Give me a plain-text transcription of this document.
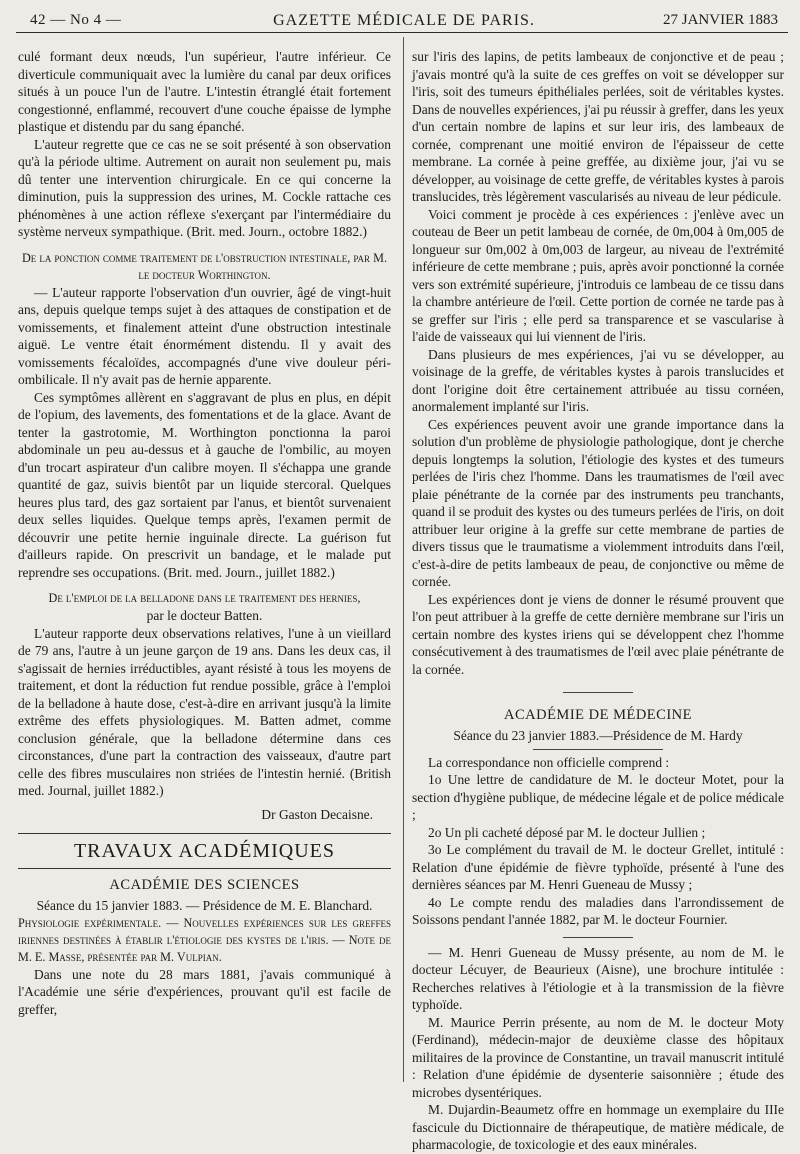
42 — No 4 —	GAZETTE MÉDICALE DE PARIS.	27 JANVIER 1883

culé formant deux nœuds, l'un supérieur, l'autre inférieur. Ce diverticule communiquait avec la lumière du canal par deux orifices situés à un pouce l'un de l'autre. L'intestin étranglé était fortement congestionné, enflammé, recouvert d'une couche épaisse de lymphe plastique et distendu par du sang épanché.

L'auteur regrette que ce cas ne se soit présenté à son observation qu'à la période ultime. Autrement on aurait non seulement pu, mais dû tenter une intervention chirurgicale. En ce qui concerne la diminution, puis la suppression des urines, M. Cockle rattache ces phénomènes à une action réflexe s'exerçant par l'intermédiaire du système nerveux sympathique. (Brit. med. Journ., octobre 1882.)

De la ponction comme traitement de l'obstruction intestinale, par M. le docteur Worthington.

— L'auteur rapporte l'observation d'un ouvrier, âgé de vingt-huit ans, depuis quelque temps sujet à des attaques de constipation et de vomissements, et finalement atteint d'une obstruction intestinale aiguë. Le ventre était énormément distendu. Il y avait des vomissements fécaloïdes, accompagnés d'une vive douleur péri-ombilicale. Il n'y avait pas de hernie apparente.

Ces symptômes allèrent en s'aggravant de plus en plus, en dépit de l'opium, des lavements, des fomentations et de la glace. Avant de tenter la gastrotomie, M. Worthington ponctionna la paroi abdominale un peu au-dessus et à gauche de l'ombilic, au moyen d'un trocart aspirateur d'un calibre moyen. Il s'échappa une grande quantité de gaz, suivis bientôt par un liquide stercoral. Quelques heures plus tard, des gaz sortaient par l'anus, et bientôt survenaient deux selles liquides. Quelque temps après, l'examen permit de découvrir une petite hernie inguinale directe. La guérison fut d'ailleurs rapide. On prescrivit un bandage, et le malade put reprendre ses occupations. (Brit. med. Journ., juillet 1882.)

De l'emploi de la belladone dans le traitement des hernies,

par le docteur Batten.

L'auteur rapporte deux observations relatives, l'une à un vieillard de 79 ans, l'autre à un jeune garçon de 19 ans. Dans les deux cas, il s'agissait de hernies irréductibles, ayant résisté à tous les moyens de traitement, et dont la réduction fut rendue possible, grâce à l'emploi de la belladone à haute dose, c'est-à-dire en arrivant jusqu'à la limite extrême des effets physiologiques. M. Batten admet, comme conclusion générale, que la belladone détermine dans ces circonstances, d'une part la contraction des vaisseaux, d'autre part celle des fibres musculaires non striées de l'intestin hernié. (British med. Journal, juillet 1882.)

Dr Gaston Decaisne.

TRAVAUX ACADÉMIQUES

ACADÉMIE DES SCIENCES

Séance du 15 janvier 1883. — Présidence de M. E. Blanchard.

Physiologie expérimentale. — Nouvelles expériences sur les greffes iriennes destinées à établir l'étiologie des kystes de l'iris. — Note de M. E. Masse, présentée par M. Vulpian.

Dans une note du 28 mars 1881, j'avais communiqué à l'Académie une série d'expériences, prouvant qu'il est facile de greffer,

sur l'iris des lapins, de petits lambeaux de conjonctive et de peau ; j'avais montré qu'à la suite de ces greffes on voit se développer sur l'iris, soit des tumeurs épithéliales perlées, soit de véritables kystes. Dans de nouvelles expériences, j'ai pu réussir à greffer, dans les yeux d'un certain nombre de lapins et sur leur iris, des lambeaux de cornée, comprenant une moitié environ de l'épaisseur de cette membrane. La cornée à peine greffée, au dixième jour, j'ai vu se développer, au voisinage de cette greffe, de véritables kystes à parois translucides, très légèrement vascularisés au niveau de leur pédicule.

Voici comment je procède à ces expériences : j'enlève avec un couteau de Beer un petit lambeau de cornée, de 0m,004 à 0m,005 de longueur sur 0m,002 à 0m,003 de largeur, au niveau de l'extrémité inférieure de cette membrane ; puis, après avoir ponctionné la cornée vers son extrémité supérieure, j'introduis ce lambeau de ce tissu dans la chambre antérieure de l'œil. Cette portion de cornée ne tarde pas à se greffer sur l'iris ; elle perd sa transparence et se vascularise à l'aide de vaisseaux qui lui viennent de l'iris.

Dans plusieurs de mes expériences, j'ai vu se développer, au voisinage de la greffe, de véritables kystes à parois translucides et dont l'origine doit être certainement attribuée au tissu cornéen, anormalement implanté sur l'iris.

Ces expériences peuvent avoir une grande importance dans la solution d'un problème de physiologie pathologique, dont je cherche depuis longtemps la solution, l'étiologie des kystes et des tumeurs perlées de l'iris chez l'homme. Dans les traumatismes de l'œil avec plaie pénétrante de la cornée par des instruments peu tranchants, quand il se produit des kystes ou des tumeurs perlées de l'iris, on doit attribuer leur origine à la greffe sur cette membrane de parties de divers tissus que le traumatisme a violemment introduits dans l'œil, c'est-à-dire de petits lambeaux de peau, de conjonctive ou même de cornée.

Les expériences dont je viens de donner le résumé prouvent que l'on peut attribuer à la greffe de cette dernière membrane sur l'iris un certain nombre des kystes iriens qui se développent chez l'homme consécutivement à des traumatismes de l'œil avec plaie pénétrante de la cornée.

ACADÉMIE DE MÉDECINE

Séance du 23 janvier 1883.—Présidence de M. Hardy

La correspondance non officielle comprend :

1o Une lettre de candidature de M. le docteur Motet, pour la section d'hygiène publique, de médecine légale et de police médicale ;

2o Un pli cacheté déposé par M. le docteur Jullien ;

3o Le complément du travail de M. le docteur Grellet, intitulé : Relation d'une épidémie de fièvre typhoïde, présenté à l'une des dernières séances par M. Henri Gueneau de Mussy ;

4o Le compte rendu des maladies dans l'arrondissement de Soissons pendant l'année 1882, par M. le docteur Fournier.

— M. Henri Gueneau de Mussy présente, au nom de M. le docteur Lécuyer, de Beaurieux (Aisne), une brochure intitulée : Recherches relatives à l'étiologie et à la transmission de la fièvre typhoïde.

M. Maurice Perrin présente, au nom de M. le docteur Moty (Ferdinand), médecin-major de deuxième classe des hôpitaux militaires de la province de Constantine, un travail manuscrit intitulé : Relation d'une épidémie de dysenterie saisonnière ; étude des microbes dysentériques.

M. Dujardin-Beaumetz offre en hommage un exemplaire du IIIe fascicule du Dictionnaire de thérapeutique, de matière médicale, de pharmacologie, de toxicologie et des eaux minérales.
